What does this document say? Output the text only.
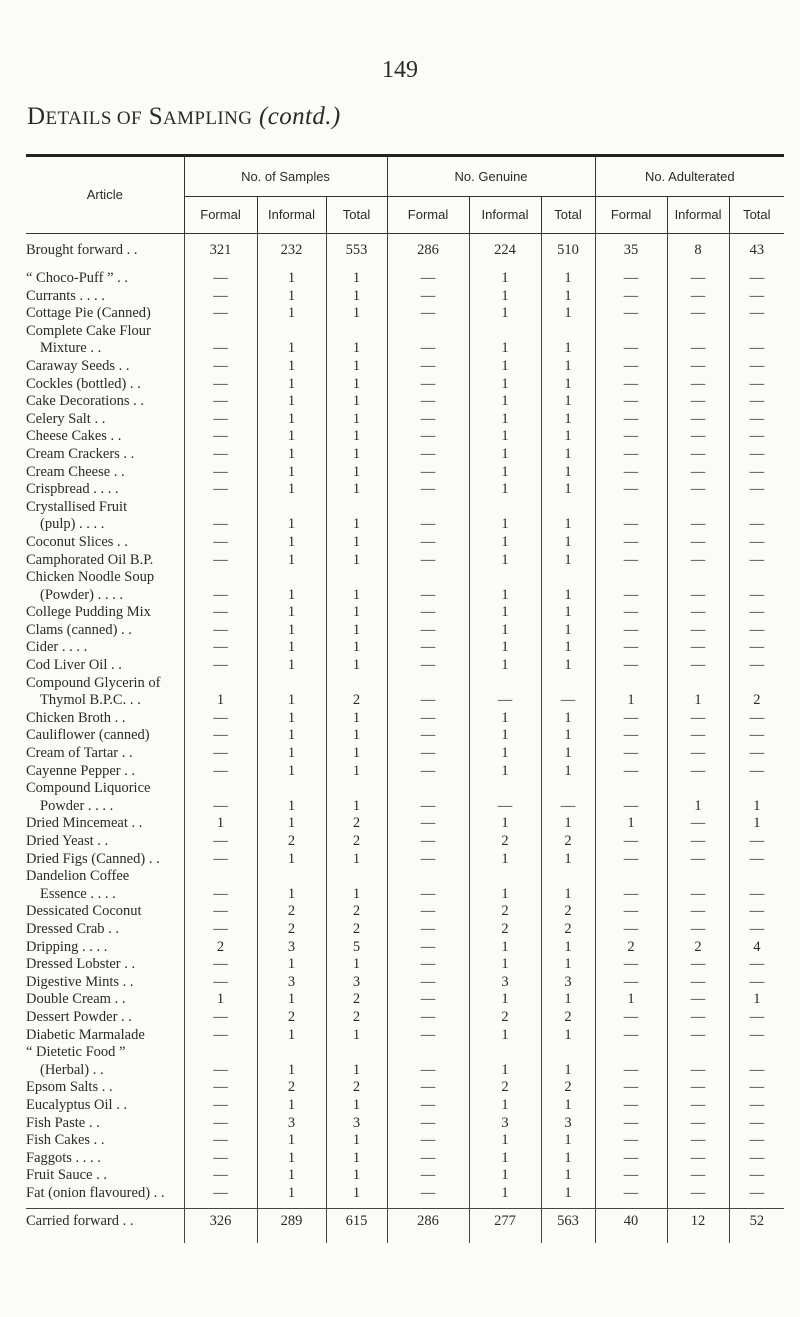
149
DETAILS OF SAMPLING (contd.)
Article	No. of Samples			No. Genuine			No. Adulterated		
	Formal	Informal	Total	Formal	Informal	Total	Formal	Informal	Total

Brought forward . .	321	232	553	286	224	510	35	8	43
“ Choco-Puff ” . .	—	1	1	—	1	1	—	—	—
Currants . . . .	—	1	1	—	1	1	—	—	—
Cottage Pie (Canned)	—	1	1	—	1	1	—	—	—
Complete Cake Flour									
Mixture . .	—	1	1	—	1	1	—	—	—
Caraway Seeds . .	—	1	1	—	1	1	—	—	—
Cockles (bottled) . .	—	1	1	—	1	1	—	—	—
Cake Decorations . .	—	1	1	—	1	1	—	—	—
Celery Salt . .	—	1	1	—	1	1	—	—	—
Cheese Cakes . .	—	1	1	—	1	1	—	—	—
Cream Crackers . .	—	1	1	—	1	1	—	—	—
Cream Cheese . .	—	1	1	—	1	1	—	—	—
Crispbread . . . .	—	1	1	—	1	1	—	—	—
Crystallised Fruit									
(pulp) . . . .	—	1	1	—	1	1	—	—	—
Coconut Slices . .	—	1	1	—	1	1	—	—	—
Camphorated Oil B.P.	—	1	1	—	1	1	—	—	—
Chicken Noodle Soup									
(Powder) . . . .	—	1	1	—	1	1	—	—	—
College Pudding Mix	—	1	1	—	1	1	—	—	—
Clams (canned) . .	—	1	1	—	1	1	—	—	—
Cider . . . .	—	1	1	—	1	1	—	—	—
Cod Liver Oil . .	—	1	1	—	1	1	—	—	—
Compound Glycerin of									
Thymol B.P.C. . .	1	1	2	—	—	—	1	1	2
Chicken Broth . .	—	1	1	—	1	1	—	—	—
Cauliflower (canned)	—	1	1	—	1	1	—	—	—
Cream of Tartar . .	—	1	1	—	1	1	—	—	—
Cayenne Pepper . .	—	1	1	—	1	1	—	—	—
Compound Liquorice									
Powder . . . .	—	1	1	—	—	—	—	1	1
Dried Mincemeat . .	1	1	2	—	1	1	1	—	1
Dried Yeast . .	—	2	2	—	2	2	—	—	—
Dried Figs (Canned) . .	—	1	1	—	1	1	—	—	—
Dandelion Coffee									
Essence . . . .	—	1	1	—	1	1	—	—	—
Dessicated Coconut	—	2	2	—	2	2	—	—	—
Dressed Crab . .	—	2	2	—	2	2	—	—	—
Dripping . . . .	2	3	5	—	1	1	2	2	4
Dressed Lobster . .	—	1	1	—	1	1	—	—	—
Digestive Mints . .	—	3	3	—	3	3	—	—	—
Double Cream . .	1	1	2	—	1	1	1	—	1
Dessert Powder . .	—	2	2	—	2	2	—	—	—
Diabetic Marmalade	—	1	1	—	1	1	—	—	—
“ Dietetic Food ”									
(Herbal) . .	—	1	1	—	1	1	—	—	—
Epsom Salts . .	—	2	2	—	2	2	—	—	—
Eucalyptus Oil . .	—	1	1	—	1	1	—	—	—
Fish Paste . .	—	3	3	—	3	3	—	—	—
Fish Cakes . .	—	1	1	—	1	1	—	—	—
Faggots . . . .	—	1	1	—	1	1	—	—	—
Fruit Sauce . .	—	1	1	—	1	1	—	—	—
Fat (onion flavoured) . .	—	1	1	—	1	1	—	—	—

Carried forward . .	326	289	615	286	277	563	40	12	52
